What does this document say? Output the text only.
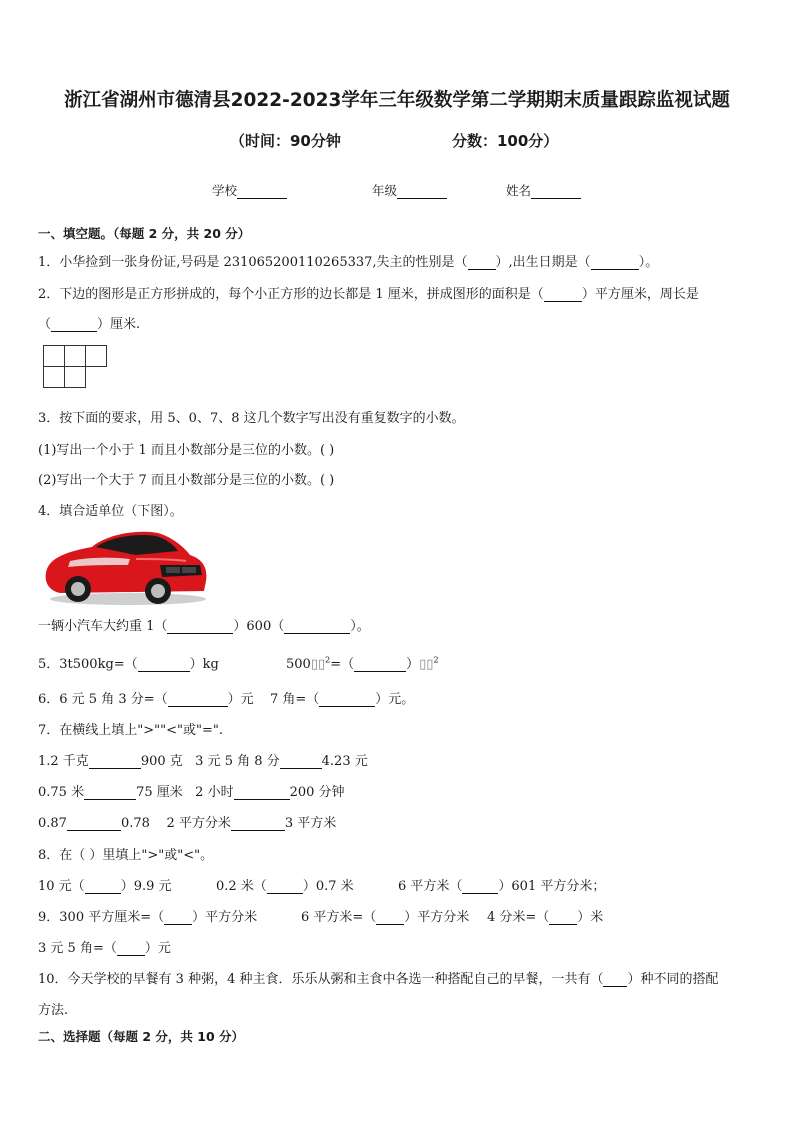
浙江省湖州市德清县2022-2023学年三年级数学第二学期期末质量跟踪监视试题
（时间：90分钟	分数：100分）
学校	年级	姓名
一、填空题。（每题 2 分，共 20 分）
1．小华捡到一张身份证,号码是 231065200110265337,失主的性别是（ ）,出生日期是（	）。
2．下边的图形是正方形拼成的，每个小正方形的边长都是 1 厘米，拼成图形的面积是（	）平方厘米，周长是
（	）厘米.
3．按下面的要求，用 5、0、7、8 这几个数字写出没有重复数字的小数。
(1)写出一个小于 1 而且小数部分是三位的小数。( )
(2)写出一个大于 7 而且小数部分是三位的小数。( )
4．填合适单位（下图）。
一辆小汽车大约重 1（	）600（	）。
5．3t500kg=（	）kg	500▯▯$^2$=（	）▯▯$^2$
6．6 元 5 角 3 分=（	）元 7 角=（	）元。
7．在横线上填上">""<"或"=".
1.2 千克	900 克 3 元 5 角 8 分	4.23 元
0.75 米	75 厘米 2 小时	200 分钟
0.87	0.78 2 平方分米	3 平方米
8．在（ ）里填上">"或"<"。
10 元（	）9.9 元	0.2 米（	）0.7 米	6 平方米（	）601 平方分米；
9．300 平方厘米=（ ）平方分米	6 平方米=（ ）平方分米 4 分米=（ ）米
3 元 5 角=（ ）元
10．今天学校的早餐有 3 种粥，4 种主食．乐乐从粥和主食中各选一种搭配自己的早餐，一共有（ ）种不同的搭配
方法.
二、选择题（每题 2 分，共 10 分）
